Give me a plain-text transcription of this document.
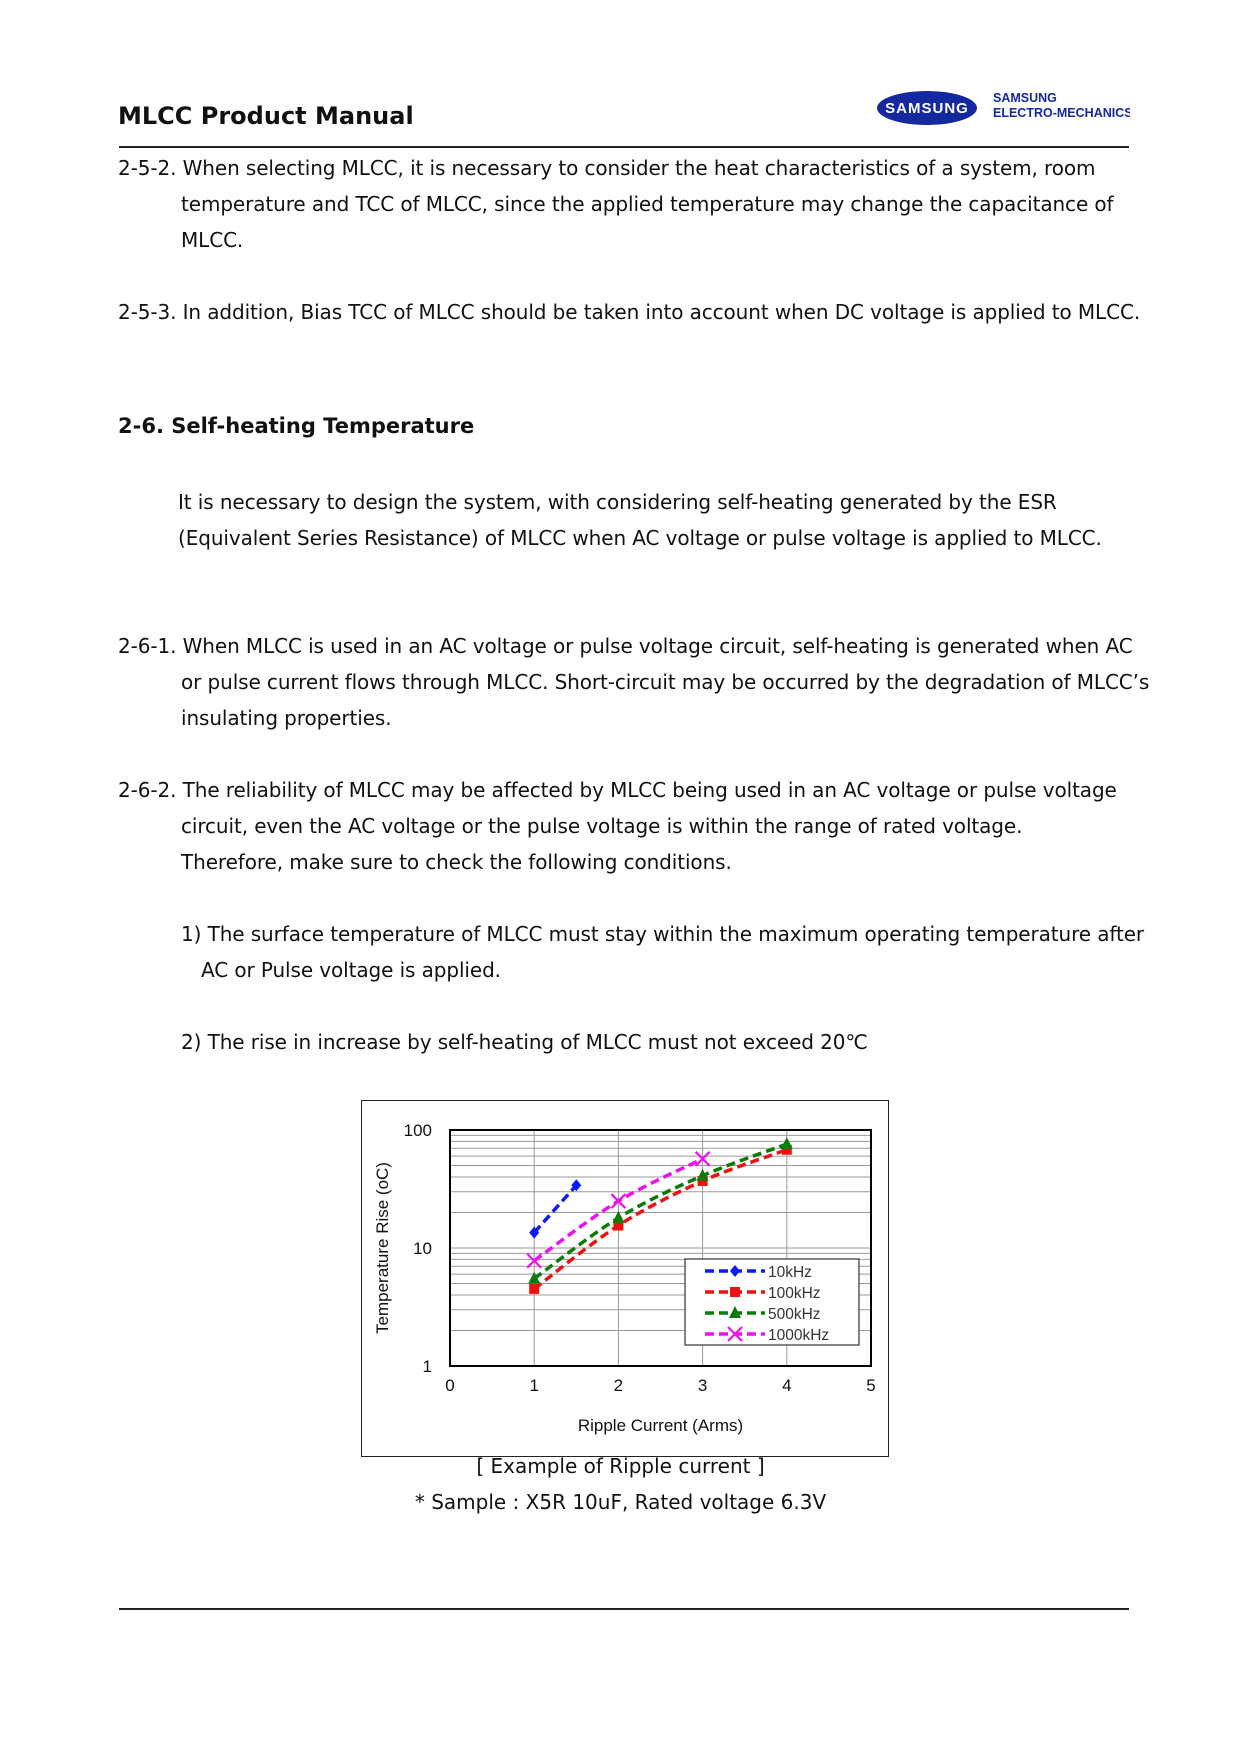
MLCC Product Manual	SAMSUNG
SAMSUNG
ELECTRO-MECHANICS
2-5-2. When selecting MLCC, it is necessary to consider the heat characteristics of a system, room
temperature and TCC of MLCC, since the applied temperature may change the capacitance of
MLCC.
2-5-3. In addition, Bias TCC of MLCC should be taken into account when DC voltage is applied to MLCC.
2-6. Self-heating Temperature
It is necessary to design the system, with considering self-heating generated by the ESR
(Equivalent Series Resistance) of MLCC when AC voltage or pulse voltage is applied to MLCC.
2-6-1. When MLCC is used in an AC voltage or pulse voltage circuit, self-heating is generated when AC
or pulse current flows through MLCC. Short-circuit may be occurred by the degradation of MLCC’s
insulating properties.
2-6-2. The reliability of MLCC may be affected by MLCC being used in an AC voltage or pulse voltage
circuit, even the AC voltage or the pulse voltage is within the range of rated voltage.
Therefore, make sure to check the following conditions.
1) The surface temperature of MLCC must stay within the maximum operating temperature after
AC or Pulse voltage is applied.
2) The rise in increase by self-heating of MLCC must not exceed 20℃
0	1	2	3	4	5
1
10
100
Ripple Current (Arms)
Temperature Rise (oC)	10kHz
100kHz
500kHz
1000kHz
[ Example of Ripple current ]
* Sample : X5R 10uF, Rated voltage 6.3V
